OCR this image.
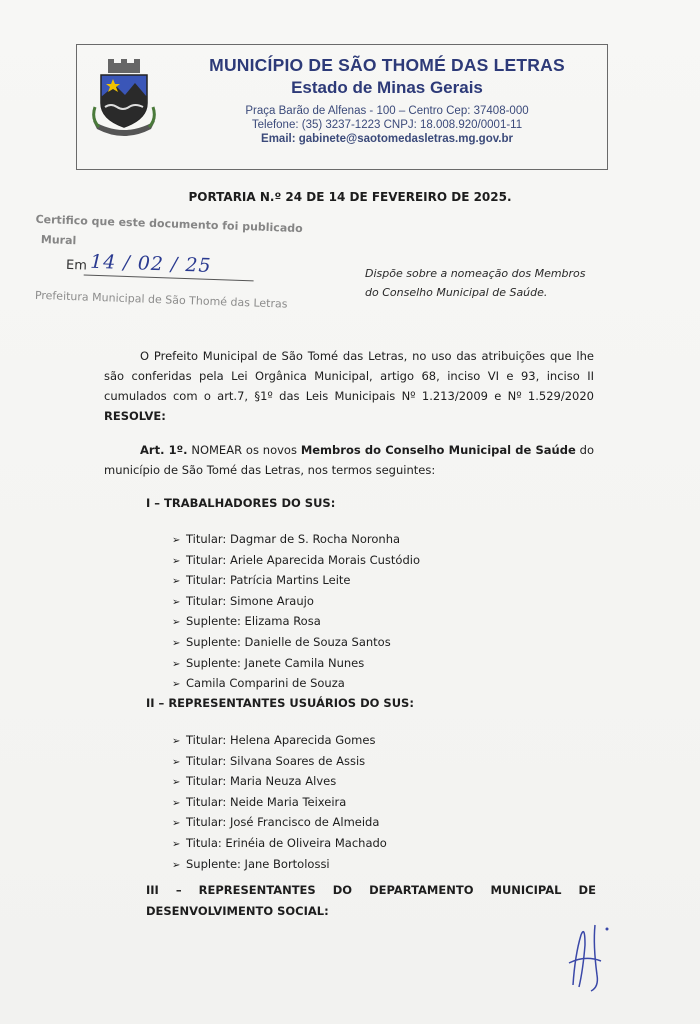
MUNICÍPIO DE SÃO THOMÉ DAS LETRAS
Estado de Minas Gerais
Praça Barão de Alfenas - 100 – Centro Cep: 37408-000
Telefone: (35) 3237-1223 CNPJ: 18.008.920/0001-11
Email: gabinete@saotomedasletras.mg.gov.br
PORTARIA N.º 24 DE 14 DE FEVEREIRO DE 2025.
Certifico que este documento foi publicado
Mural
Em 14 / 02 / 25
Prefeitura Municipal de São Thomé das Letras
Dispõe sobre a nomeação dos Membros do Conselho Municipal de Saúde.
O Prefeito Municipal de São Tomé das Letras, no uso das atribuições que lhe são conferidas pela Lei Orgânica Municipal, artigo 68, inciso VI e 93, inciso II cumulados com o art.7, §1º das Leis Municipais Nº 1.213/2009 e Nº 1.529/2020 RESOLVE:
Art. 1º. NOMEAR os novos Membros do Conselho Municipal de Saúde do município de São Tomé das Letras, nos termos seguintes:
I – TRABALHADORES DO SUS:
➢ Titular: Dagmar de S. Rocha Noronha
➢ Titular: Ariele Aparecida Morais Custódio
➢ Titular: Patrícia Martins Leite
➢ Titular: Simone Araujo
➢ Suplente: Elizama Rosa
➢ Suplente: Danielle de Souza Santos
➢ Suplente: Janete Camila Nunes
➢ Camila Comparini de Souza
II – REPRESENTANTES USUÁRIOS DO SUS:
➢ Titular: Helena Aparecida Gomes
➢ Titular: Silvana Soares de Assis
➢ Titular: Maria Neuza Alves
➢ Titular: Neide Maria Teixeira
➢ Titular: José Francisco de Almeida
➢ Titula: Erinéia de Oliveira Machado
➢ Suplente: Jane Bortolossi
III – REPRESENTANTES DO DEPARTAMENTO MUNICIPAL DE
DESENVOLVIMENTO SOCIAL:
